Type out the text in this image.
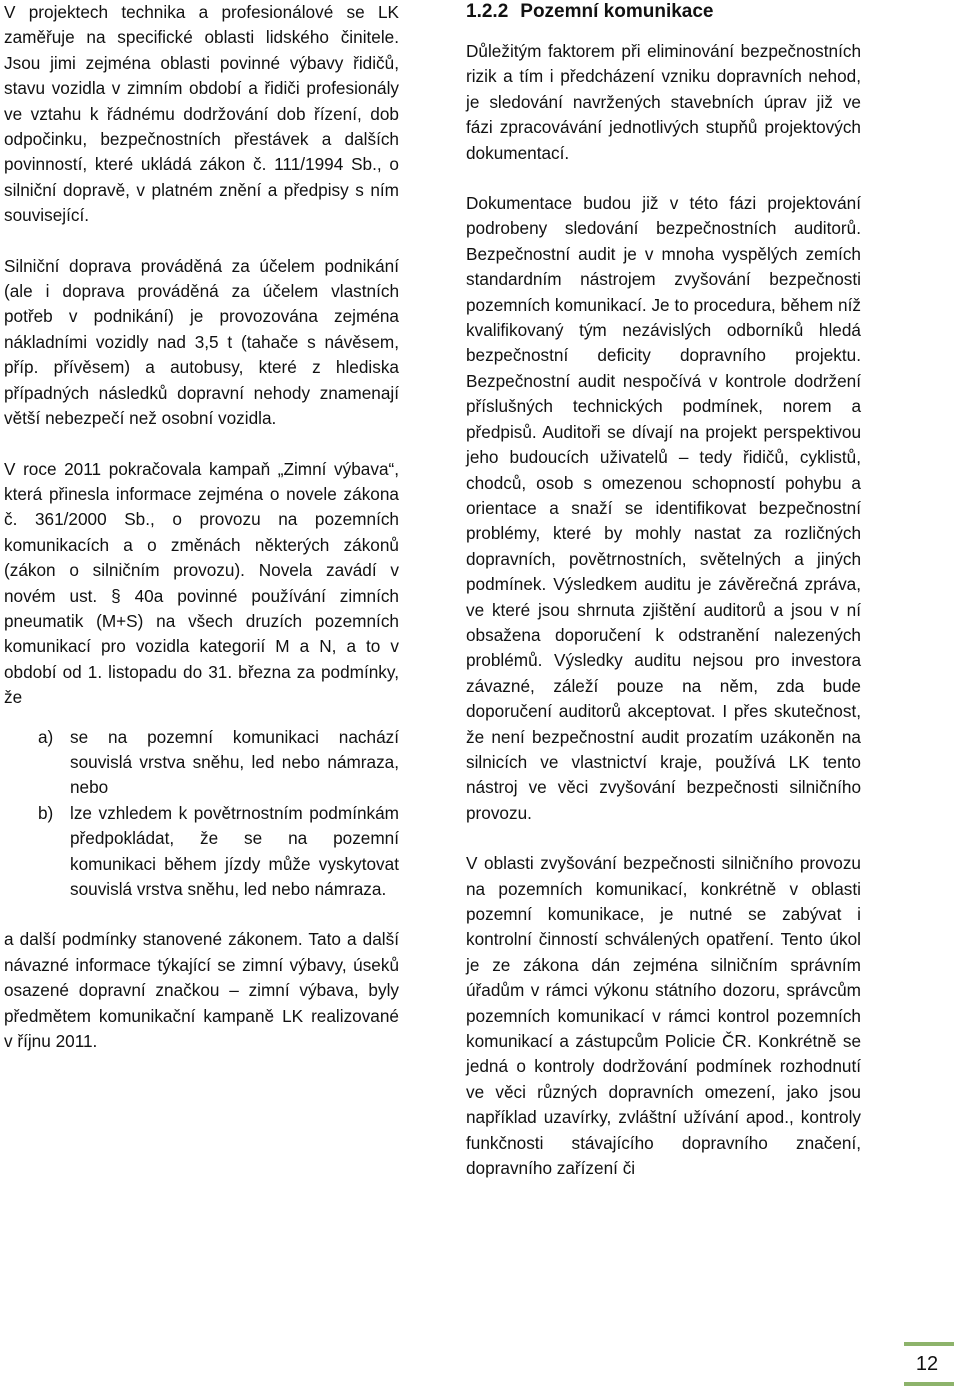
V projektech technika a profesionálové se LK zaměřuje na specifické oblasti lidského činitele. Jsou jimi zejména oblasti povinné výbavy řidičů, stavu vozidla v zimním období a řidiči profesionály ve vztahu k řádnému dodržování dob řízení, dob odpočinku, bezpečnostních přestávek a dalších povinností, které ukládá zákon č. 111/1994 Sb., o silniční dopravě, v platném znění a předpisy s ním související.

Silniční doprava prováděná za účelem podnikání (ale i doprava prováděná za účelem vlastních potřeb v podnikání) je provozována zejména nákladními vozidly nad 3,5 t (tahače s návěsem, příp. přívěsem) a autobusy, které z hlediska případných následků dopravní nehody znamenají větší nebezpečí než osobní vozidla.

V roce 2011 pokračovala kampaň „Zimní výbava“, která přinesla informace zejména o novele zákona č. 361/2000 Sb., o provozu na pozemních komunikacích a o změnách některých zákonů (zákon o silničním provozu). Novela zavádí v novém ust. § 40a povinné používání zimních pneumatik (M+S) na všech druzích pozemních komunikací pro vozidla kategorií M a N, a to v období od 1. listopadu do 31. března za podmínky, že

a) se na pozemní komunikaci nachází souvislá vrstva sněhu, led nebo námraza, nebo
b) lze vzhledem k povětrnostním podmínkám předpokládat, že se na pozemní komunikaci během jízdy může vyskytovat souvislá vrstva sněhu, led nebo námraza.

a další podmínky stanovené zákonem. Tato a další návazné informace týkající se zimní výbavy, úseků osazené dopravní značkou – zimní výbava, byly předmětem komunikační kampaně LK realizované v říjnu 2011.

1.2.2 Pozemní komunikace

Důležitým faktorem při eliminování bezpečnostních rizik a tím i předcházení vzniku dopravních nehod, je sledování navržených stavebních úprav již ve fázi zpracovávání jednotlivých stupňů projektových dokumentací.

Dokumentace budou již v této fázi projektování podrobeny sledování bezpečnostních auditorů. Bezpečnostní audit je v mnoha vyspělých zemích standardním nástrojem zvyšování bezpečnosti pozemních komunikací. Je to procedura, během níž kvalifikovaný tým nezávislých odborníků hledá bezpečnostní deficity dopravního projektu. Bezpečnostní audit nespočívá v kontrole dodržení příslušných technických podmínek, norem a předpisů. Auditoři se dívají na projekt perspektivou jeho budoucích uživatelů – tedy řidičů, cyklistů, chodců, osob s omezenou schopností pohybu a orientace a snaží se identifikovat bezpečnostní problémy, které by mohly nastat za rozličných dopravních, povětrnostních, světelných a jiných podmínek. Výsledkem auditu je závěrečná zpráva, ve které jsou shrnuta zjištění auditorů a jsou v ní obsažena doporučení k odstranění nalezených problémů. Výsledky auditu nejsou pro investora závazné, záleží pouze na něm, zda bude doporučení auditorů akceptovat. I přes skutečnost, že není bezpečnostní audit prozatím uzákoněn na silnicích ve vlastnictví kraje, používá LK tento nástroj ve věci zvyšování bezpečnosti silničního provozu.

V oblasti zvyšování bezpečnosti silničního provozu na pozemních komunikací, konkrétně v oblasti pozemní komunikace, je nutné se zabývat i kontrolní činností schválených opatření. Tento úkol je ze zákona dán zejména silničním správním úřadům v rámci výkonu státního dozoru, správcům pozemních komunikací v rámci kontrol pozemních komunikací a zástupcům Policie ČR. Konkrétně se jedná o kontroly dodržování podmínek rozhodnutí ve věci různých dopravních omezení, jako jsou například uzavírky, zvláštní užívání apod., kontroly funkčnosti stávajícího dopravního značení, dopravního zařízení či

12
